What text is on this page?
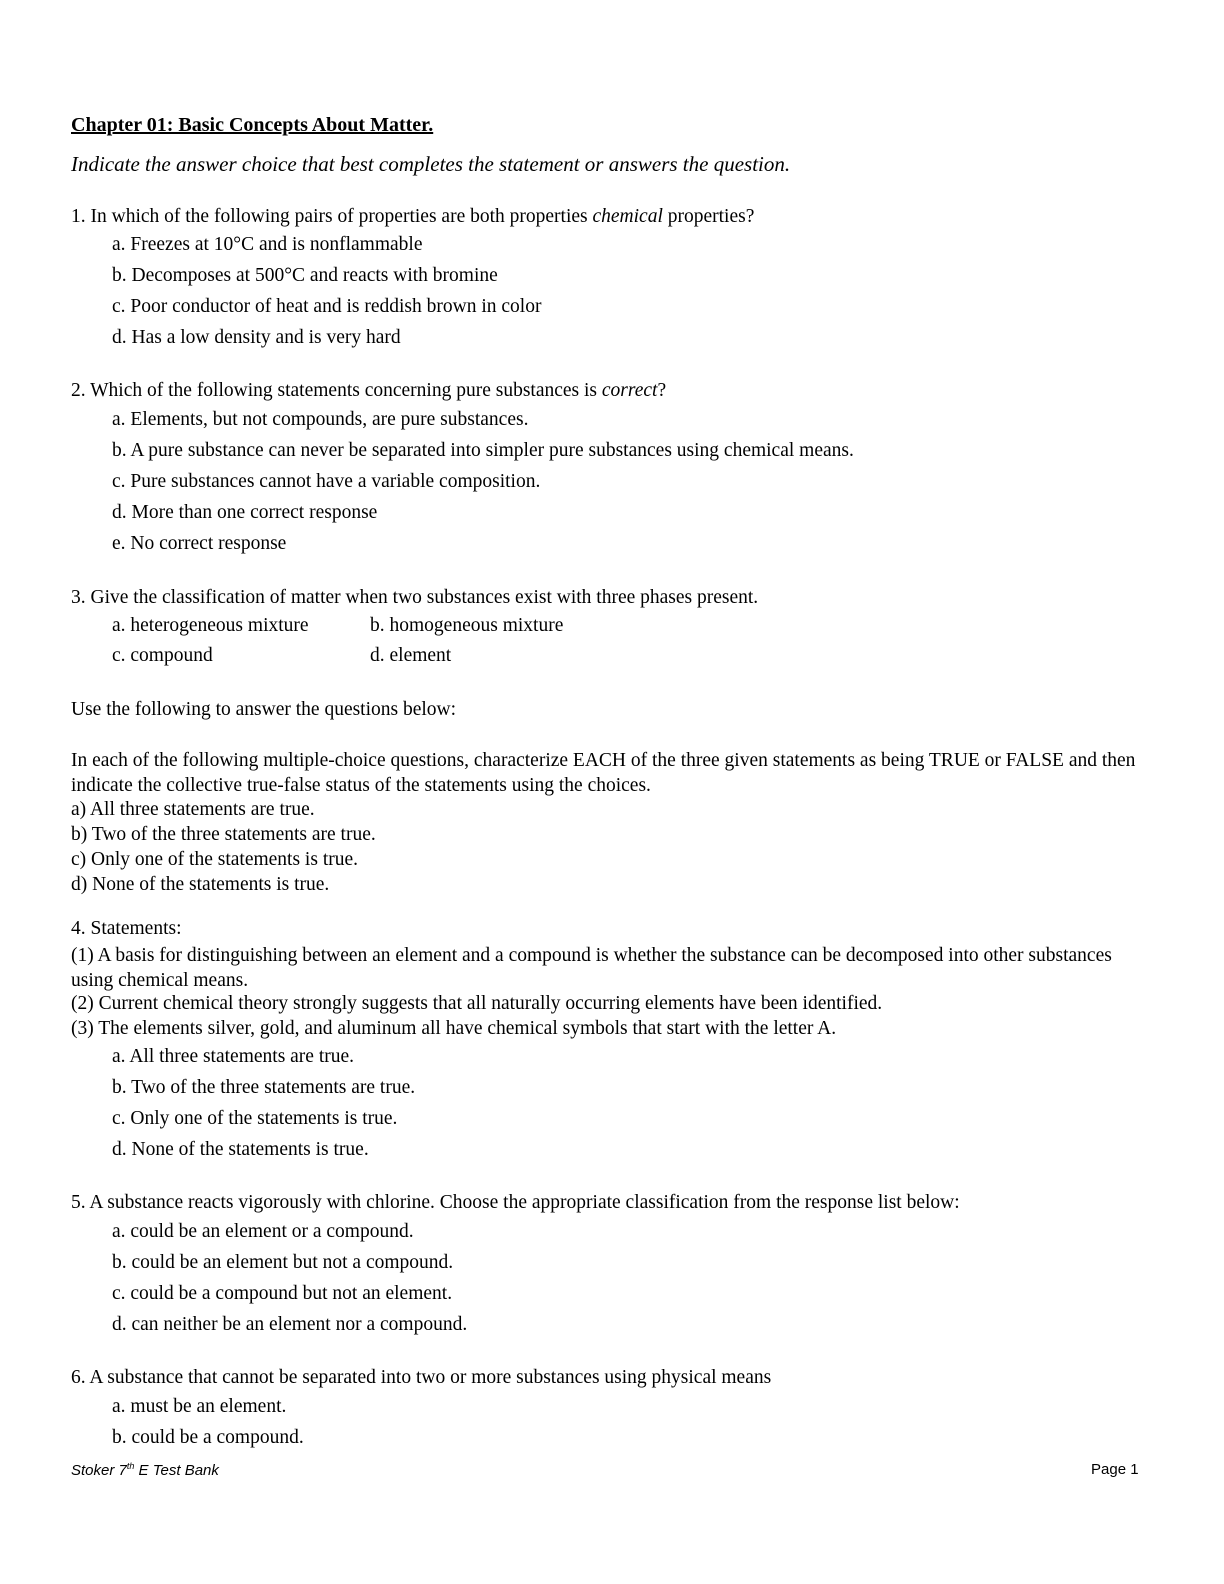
Chapter 01: Basic Concepts About Matter.
Indicate the answer choice that best completes the statement or answers the question.
1. In which of the following pairs of properties are both properties chemical properties?
a. Freezes at 10°C and is nonflammable
b. Decomposes at 500°C and reacts with bromine
c. Poor conductor of heat and is reddish brown in color
d. Has a low density and is very hard
2. Which of the following statements concerning pure substances is correct?
a. Elements, but not compounds, are pure substances.
b. A pure substance can never be separated into simpler pure substances using chemical means.
c. Pure substances cannot have a variable composition.
d. More than one correct response
e. No correct response
3. Give the classification of matter when two substances exist with three phases present.
a. heterogeneous mixture	b. homogeneous mixture
c. compound	d. element
Use the following to answer the questions below:
In each of the following multiple-choice questions, characterize EACH of the three given statements as being TRUE or FALSE and then indicate the collective true-false status of the statements using the choices.
a) All three statements are true.
b) Two of the three statements are true.
c) Only one of the statements is true.
d) None of the statements is true.
4. Statements:
(1) A basis for distinguishing between an element and a compound is whether the substance can be decomposed into other substances using chemical means.
(2) Current chemical theory strongly suggests that all naturally occurring elements have been identified.
(3) The elements silver, gold, and aluminum all have chemical symbols that start with the letter A.
a. All three statements are true.
b. Two of the three statements are true.
c. Only one of the statements is true.
d. None of the statements is true.
5. A substance reacts vigorously with chlorine. Choose the appropriate classification from the response list below:
a. could be an element or a compound.
b. could be an element but not a compound.
c. could be a compound but not an element.
d. can neither be an element nor a compound.
6. A substance that cannot be separated into two or more substances using physical means
a. must be an element.
b. could be a compound.
Stoker 7th E Test Bank	Page 1
